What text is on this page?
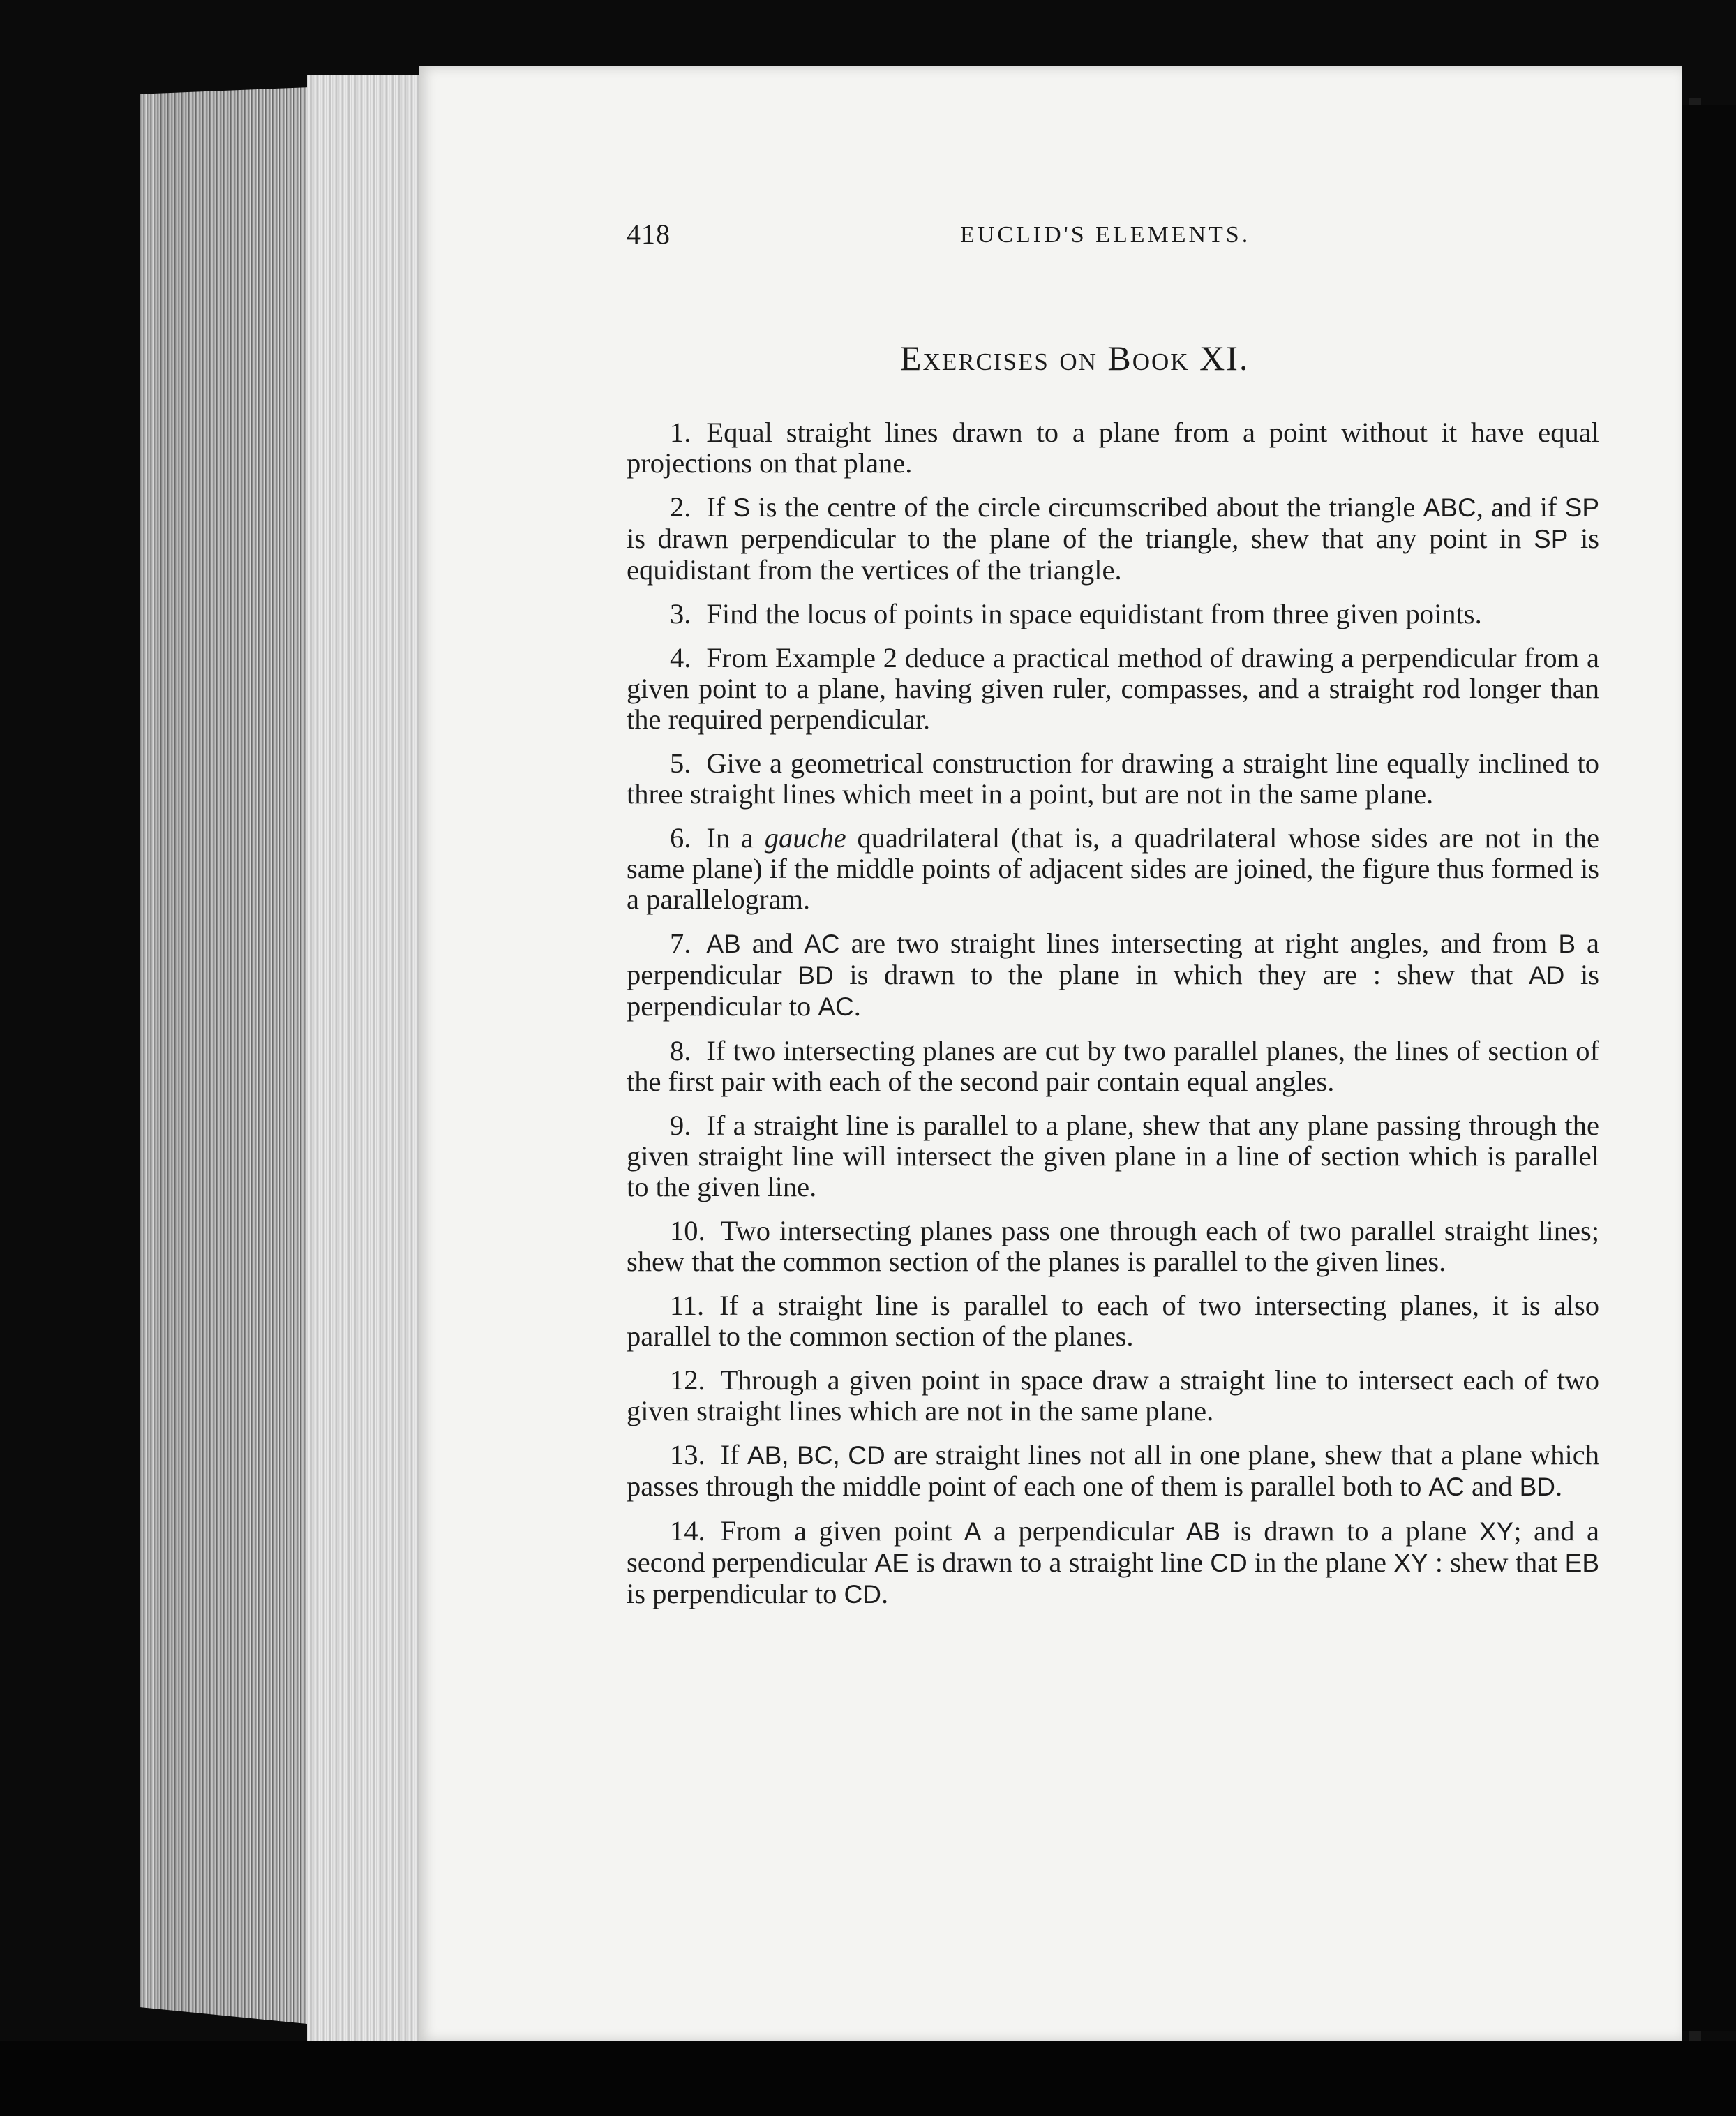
418	EUCLID'S ELEMENTS.
Exercises on Book XI.
1. Equal straight lines drawn to a plane from a point without it have equal projections on that plane.
2. If S is the centre of the circle circumscribed about the triangle ABC, and if SP is drawn perpendicular to the plane of the triangle, shew that any point in SP is equidistant from the vertices of the triangle.
3. Find the locus of points in space equidistant from three given points.
4. From Example 2 deduce a practical method of drawing a perpendicular from a given point to a plane, having given ruler, compasses, and a straight rod longer than the required perpendicular.
5. Give a geometrical construction for drawing a straight line equally inclined to three straight lines which meet in a point, but are not in the same plane.
6. In a gauche quadrilateral (that is, a quadrilateral whose sides are not in the same plane) if the middle points of adjacent sides are joined, the figure thus formed is a parallelogram.
7. AB and AC are two straight lines intersecting at right angles, and from B a perpendicular BD is drawn to the plane in which they are : shew that AD is perpendicular to AC.
8. If two intersecting planes are cut by two parallel planes, the lines of section of the first pair with each of the second pair contain equal angles.
9. If a straight line is parallel to a plane, shew that any plane passing through the given straight line will intersect the given plane in a line of section which is parallel to the given line.
10. Two intersecting planes pass one through each of two parallel straight lines; shew that the common section of the planes is parallel to the given lines.
11. If a straight line is parallel to each of two intersecting planes, it is also parallel to the common section of the planes.
12. Through a given point in space draw a straight line to intersect each of two given straight lines which are not in the same plane.
13. If AB, BC, CD are straight lines not all in one plane, shew that a plane which passes through the middle point of each one of them is parallel both to AC and BD.
14. From a given point A a perpendicular AB is drawn to a plane XY; and a second perpendicular AE is drawn to a straight line CD in the plane XY : shew that EB is perpendicular to CD.
